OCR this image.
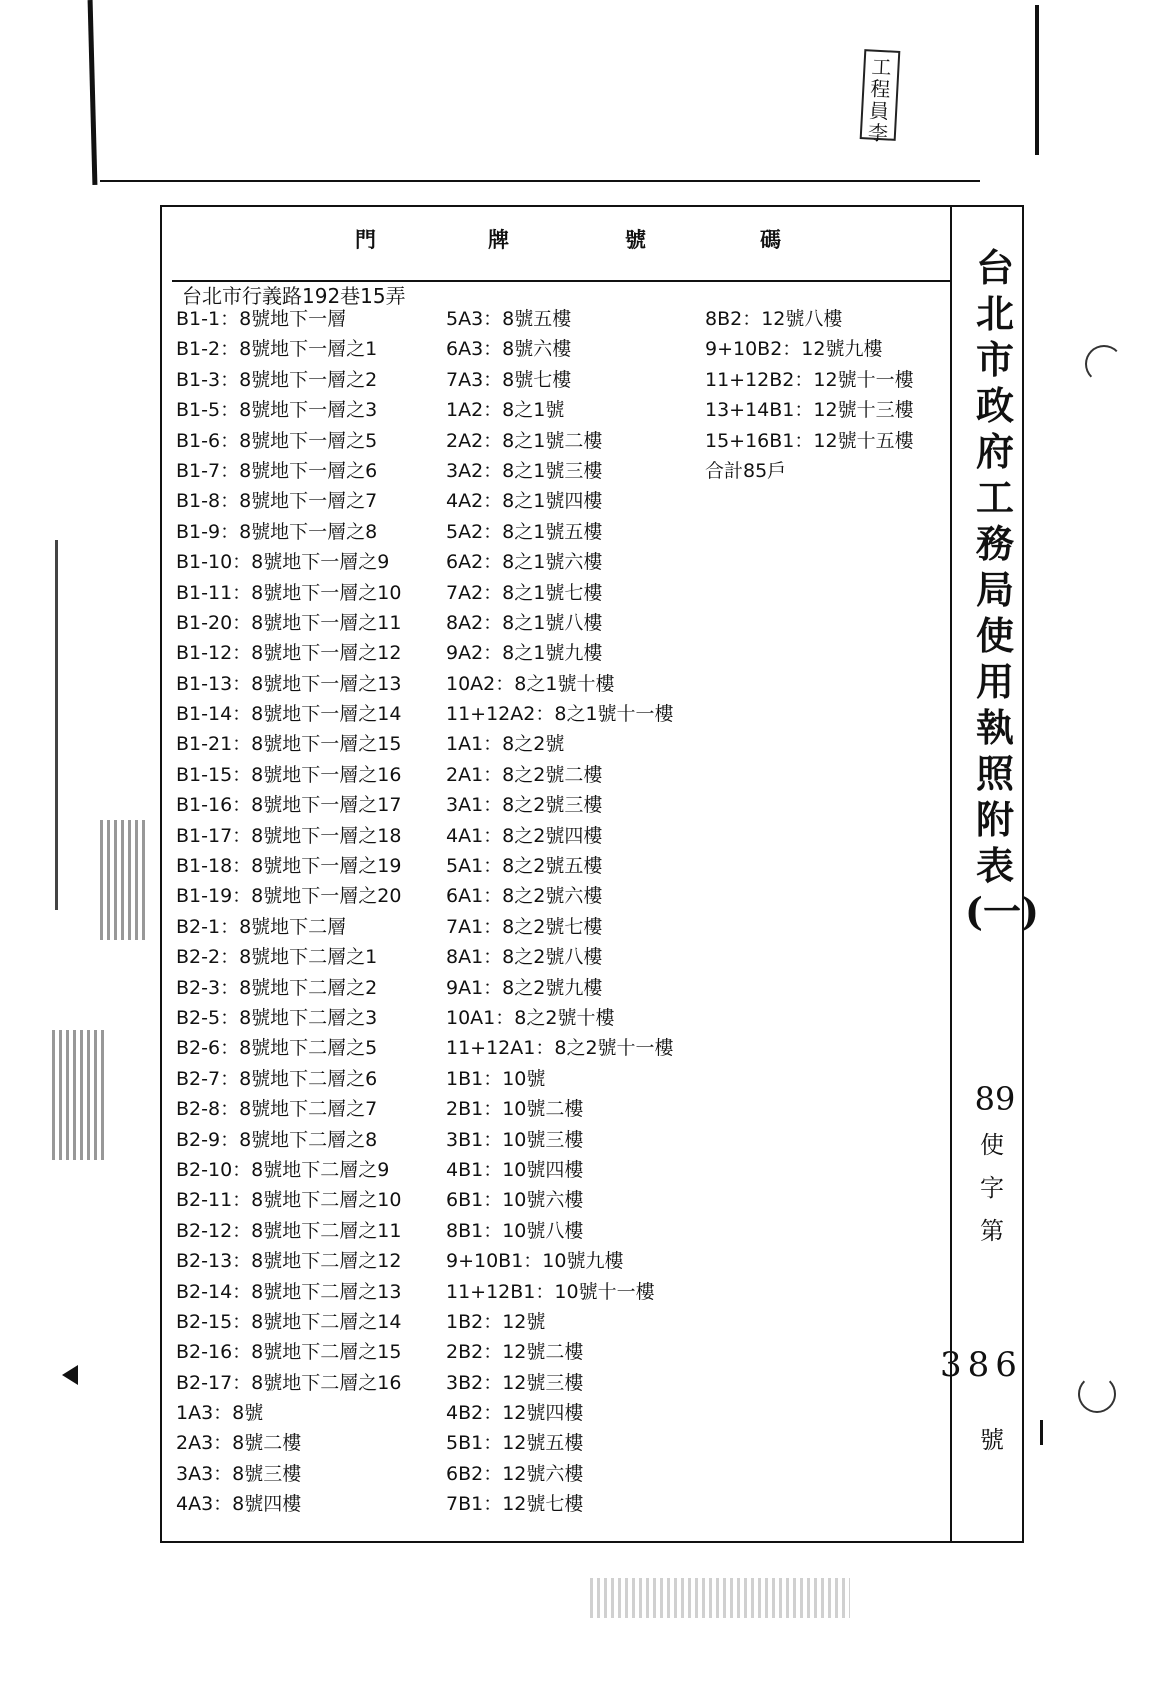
工
程
員
李
門	牌	號	碼
台北市行義路192巷15弄
B1-1：8號地下一層
B1-2：8號地下一層之1
B1-3：8號地下一層之2
B1-5：8號地下一層之3
B1-6：8號地下一層之5
B1-7：8號地下一層之6
B1-8：8號地下一層之7
B1-9：8號地下一層之8
B1-10：8號地下一層之9
B1-11：8號地下一層之10
B1-20：8號地下一層之11
B1-12：8號地下一層之12
B1-13：8號地下一層之13
B1-14：8號地下一層之14
B1-21：8號地下一層之15
B1-15：8號地下一層之16
B1-16：8號地下一層之17
B1-17：8號地下一層之18
B1-18：8號地下一層之19
B1-19：8號地下一層之20
B2-1：8號地下二層
B2-2：8號地下二層之1
B2-3：8號地下二層之2
B2-5：8號地下二層之3
B2-6：8號地下二層之5
B2-7：8號地下二層之6
B2-8：8號地下二層之7
B2-9：8號地下二層之8
B2-10：8號地下二層之9
B2-11：8號地下二層之10
B2-12：8號地下二層之11
B2-13：8號地下二層之12
B2-14：8號地下二層之13
B2-15：8號地下二層之14
B2-16：8號地下二層之15
B2-17：8號地下二層之16
1A3：8號
2A3：8號二樓
3A3：8號三樓
4A3：8號四樓
5A3：8號五樓
6A3：8號六樓
7A3：8號七樓
1A2：8之1號
2A2：8之1號二樓
3A2：8之1號三樓
4A2：8之1號四樓
5A2：8之1號五樓
6A2：8之1號六樓
7A2：8之1號七樓
8A2：8之1號八樓
9A2：8之1號九樓
10A2：8之1號十樓
11+12A2：8之1號十一樓
1A1：8之2號
2A1：8之2號二樓
3A1：8之2號三樓
4A1：8之2號四樓
5A1：8之2號五樓
6A1：8之2號六樓
7A1：8之2號七樓
8A1：8之2號八樓
9A1：8之2號九樓
10A1：8之2號十樓
11+12A1：8之2號十一樓
1B1：10號
2B1：10號二樓
3B1：10號三樓
4B1：10號四樓
6B1：10號六樓
8B1：10號八樓
9+10B1：10號九樓
11+12B1：10號十一樓
1B2：12號
2B2：12號二樓
3B2：12號三樓
4B2：12號四樓
5B1：12號五樓
6B2：12號六樓
7B1：12號七樓
8B2：12號八樓
9+10B2：12號九樓
11+12B2：12號十一樓
13+14B1：12號十三樓
15+16B1：12號十五樓
合計85戶
台
北
市
政
府
工
務
局
使
用
執
照
附
表
(一)
89
使
字
第
386
號
